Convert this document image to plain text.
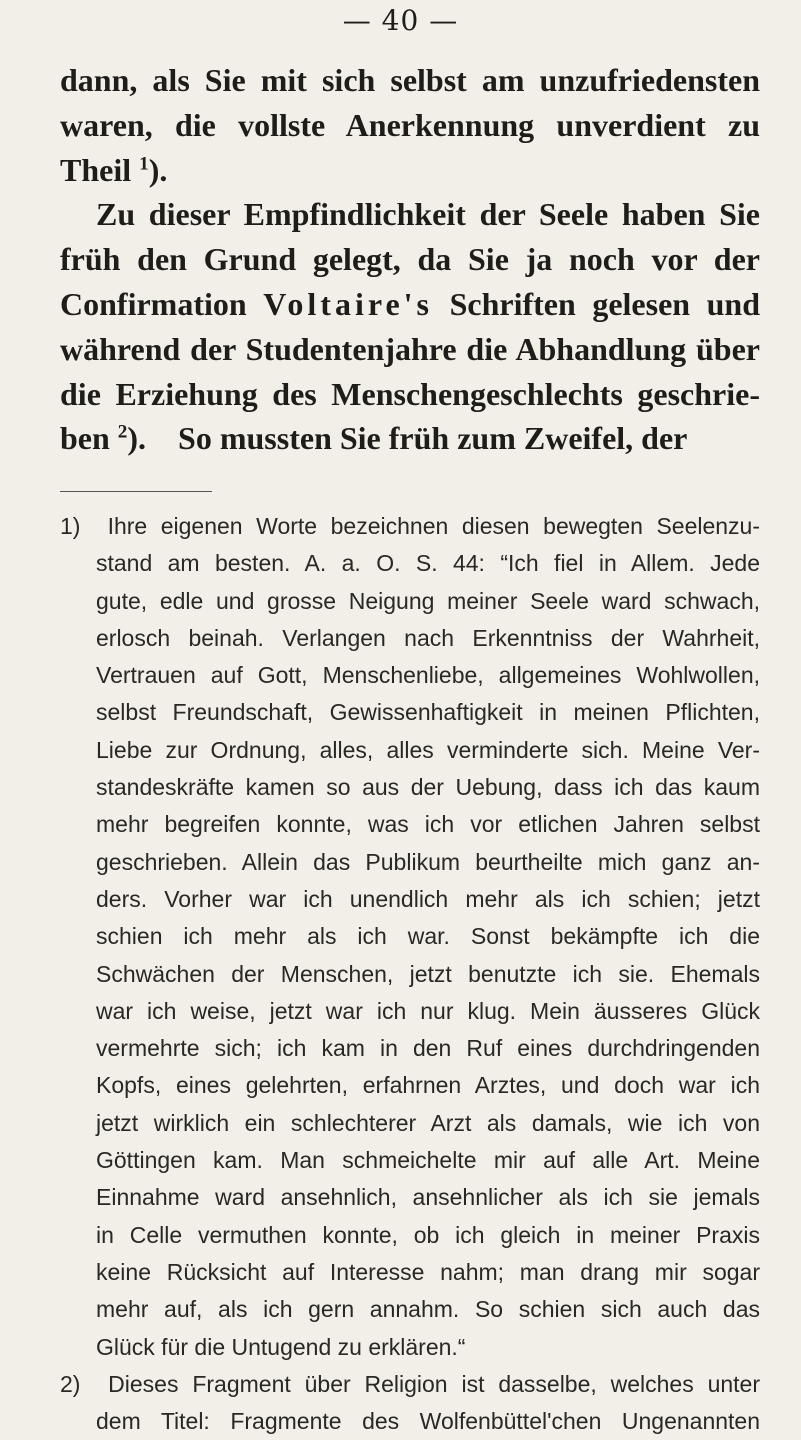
— 40 —
dann, als Sie mit sich selbst am unzufriedensten
waren, die vollste Anerkennung unverdient zu
Theil $^1$).
Zu dieser Empfindlichkeit der Seele haben Sie
früh den Grund gelegt, da Sie ja noch vor der
Confirmation Voltaire's Schriften gelesen und
während der Studentenjahre die Abhandlung über
die Erziehung des Menschengeschlechts geschrie-
ben $^2$). So mussten Sie früh zum Zweifel, der
1) Ihre eigenen Worte bezeichnen diesen bewegten Seelenzu-
stand am besten. A. a. O. S. 44: “Ich fiel in Allem. Jede
gute, edle und grosse Neigung meiner Seele ward schwach,
erlosch beinah. Verlangen nach Erkenntniss der Wahrheit,
Vertrauen auf Gott, Menschenliebe, allgemeines Wohlwollen,
selbst Freundschaft, Gewissenhaftigkeit in meinen Pflichten,
Liebe zur Ordnung, alles, alles verminderte sich. Meine Ver-
standeskräfte kamen so aus der Uebung, dass ich das kaum
mehr begreifen konnte, was ich vor etlichen Jahren selbst
geschrieben. Allein das Publikum beurtheilte mich ganz an-
ders. Vorher war ich unendlich mehr als ich schien; jetzt
schien ich mehr als ich war. Sonst bekämpfte ich die
Schwächen der Menschen, jetzt benutzte ich sie. Ehemals
war ich weise, jetzt war ich nur klug. Mein äusseres Glück
vermehrte sich; ich kam in den Ruf eines durchdringenden
Kopfs, eines gelehrten, erfahrnen Arztes, und doch war ich
jetzt wirklich ein schlechterer Arzt als damals, wie ich von
Göttingen kam. Man schmeichelte mir auf alle Art. Meine
Einnahme ward ansehnlich, ansehnlicher als ich sie jemals
in Celle vermuthen konnte, ob ich gleich in meiner Praxis
keine Rücksicht auf Interesse nahm; man drang mir sogar
mehr auf, als ich gern annahm. So schien sich auch das
Glück für die Untugend zu erklären.“
2) Dieses Fragment über Religion ist dasselbe, welches unter
dem Titel: Fragmente des Wolfenbüttel'chen Ungenannten
